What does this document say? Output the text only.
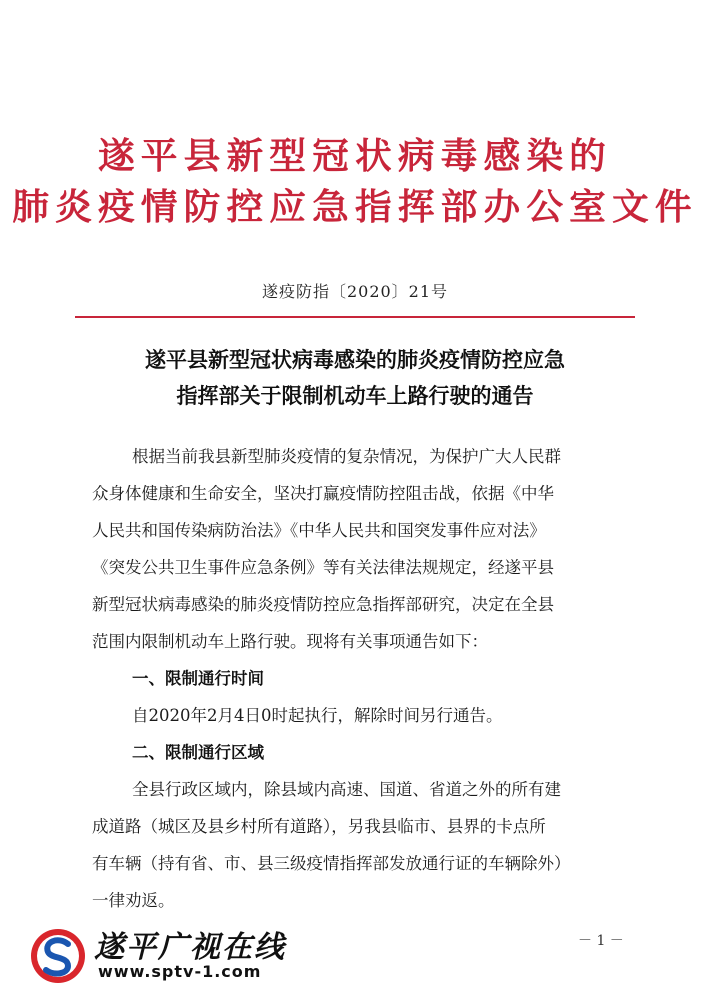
遂平县新型冠状病毒感染的
肺炎疫情防控应急指挥部办公室文件
遂疫防指〔2020〕21号
遂平县新型冠状病毒感染的肺炎疫情防控应急
指挥部关于限制机动车上路行驶的通告
根据当前我县新型肺炎疫情的复杂情况，为保护广大人民群
众身体健康和生命安全，坚决打赢疫情防控阻击战，依据《中华
人民共和国传染病防治法》《中华人民共和国突发事件应对法》
《突发公共卫生事件应急条例》等有关法律法规规定，经遂平县
新型冠状病毒感染的肺炎疫情防控应急指挥部研究，决定在全县
范围内限制机动车上路行驶。现将有关事项通告如下：
一、限制通行时间
自2020年2月4日0时起执行，解除时间另行通告。
二、限制通行区域
全县行政区域内，除县域内高速、国道、省道之外的所有建
成道路（城区及县乡村所有道路），另我县临市、县界的卡点所
有车辆（持有省、市、县三级疫情指挥部发放通行证的车辆除外）
一律劝返。
遂平广视在线
www.sptv-1.com
－ 1 －
